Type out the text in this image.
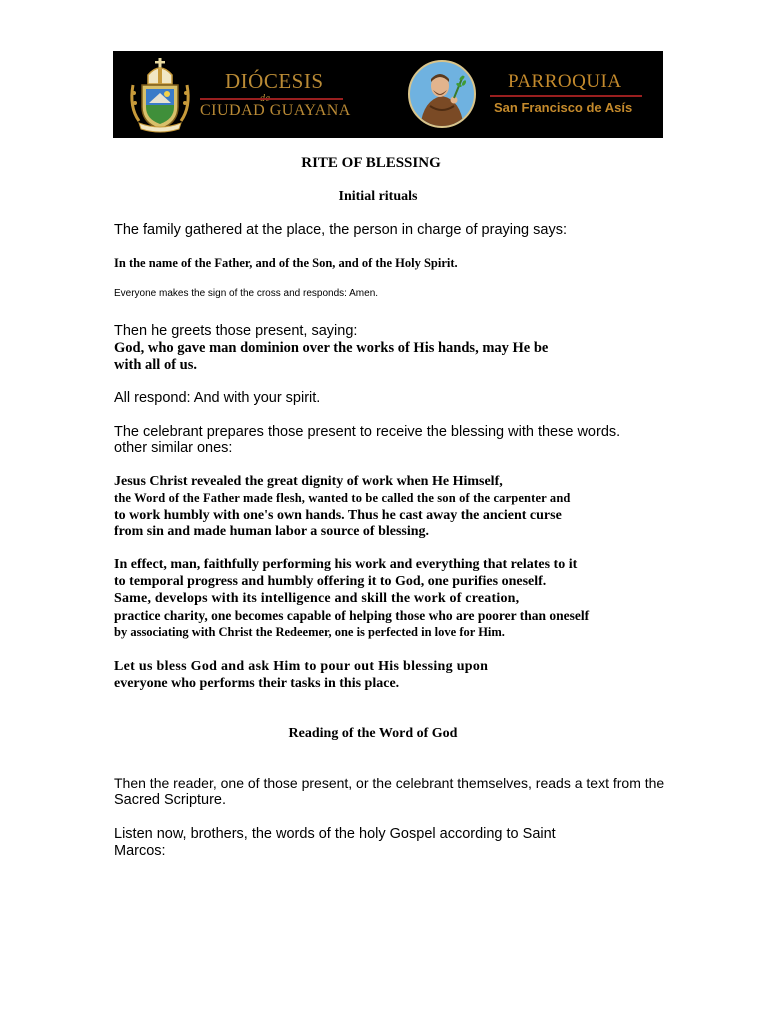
DIÓCESIS
CIUDAD GUAYANA
PARROQUIA
San Francisco de Asís

RITE OF BLESSING

Initial rituals

The family gathered at the place, the person in charge of praying says:

In the name of the Father, and of the Son, and of the Holy Spirit.

Everyone makes the sign of the cross and responds: Amen.

Then he greets those present, saying:

God, who gave man dominion over the works of His hands, may He be

with all of us.

All respond: And with your spirit.

The celebrant prepares those present to receive the blessing with these words.

other similar ones:

Jesus Christ revealed the great dignity of work when He Himself,

the Word of the Father made flesh, wanted to be called the son of the carpenter and

to work humbly with one's own hands. Thus he cast away the ancient curse

from sin and made human labor a source of blessing.

In effect, man, faithfully performing his work and everything that relates to it

to temporal progress and humbly offering it to God, one purifies oneself.

Same, develops with its intelligence and skill the work of creation,

practice charity, one becomes capable of helping those who are poorer than oneself

by associating with Christ the Redeemer, one is perfected in love for Him.

Let us bless God and ask Him to pour out His blessing upon

everyone who performs their tasks in this place.

Reading of the Word of God

Then the reader, one of those present, or the celebrant themselves, reads a text from the

Sacred Scripture.

Listen now, brothers, the words of the holy Gospel according to Saint

Marcos:
